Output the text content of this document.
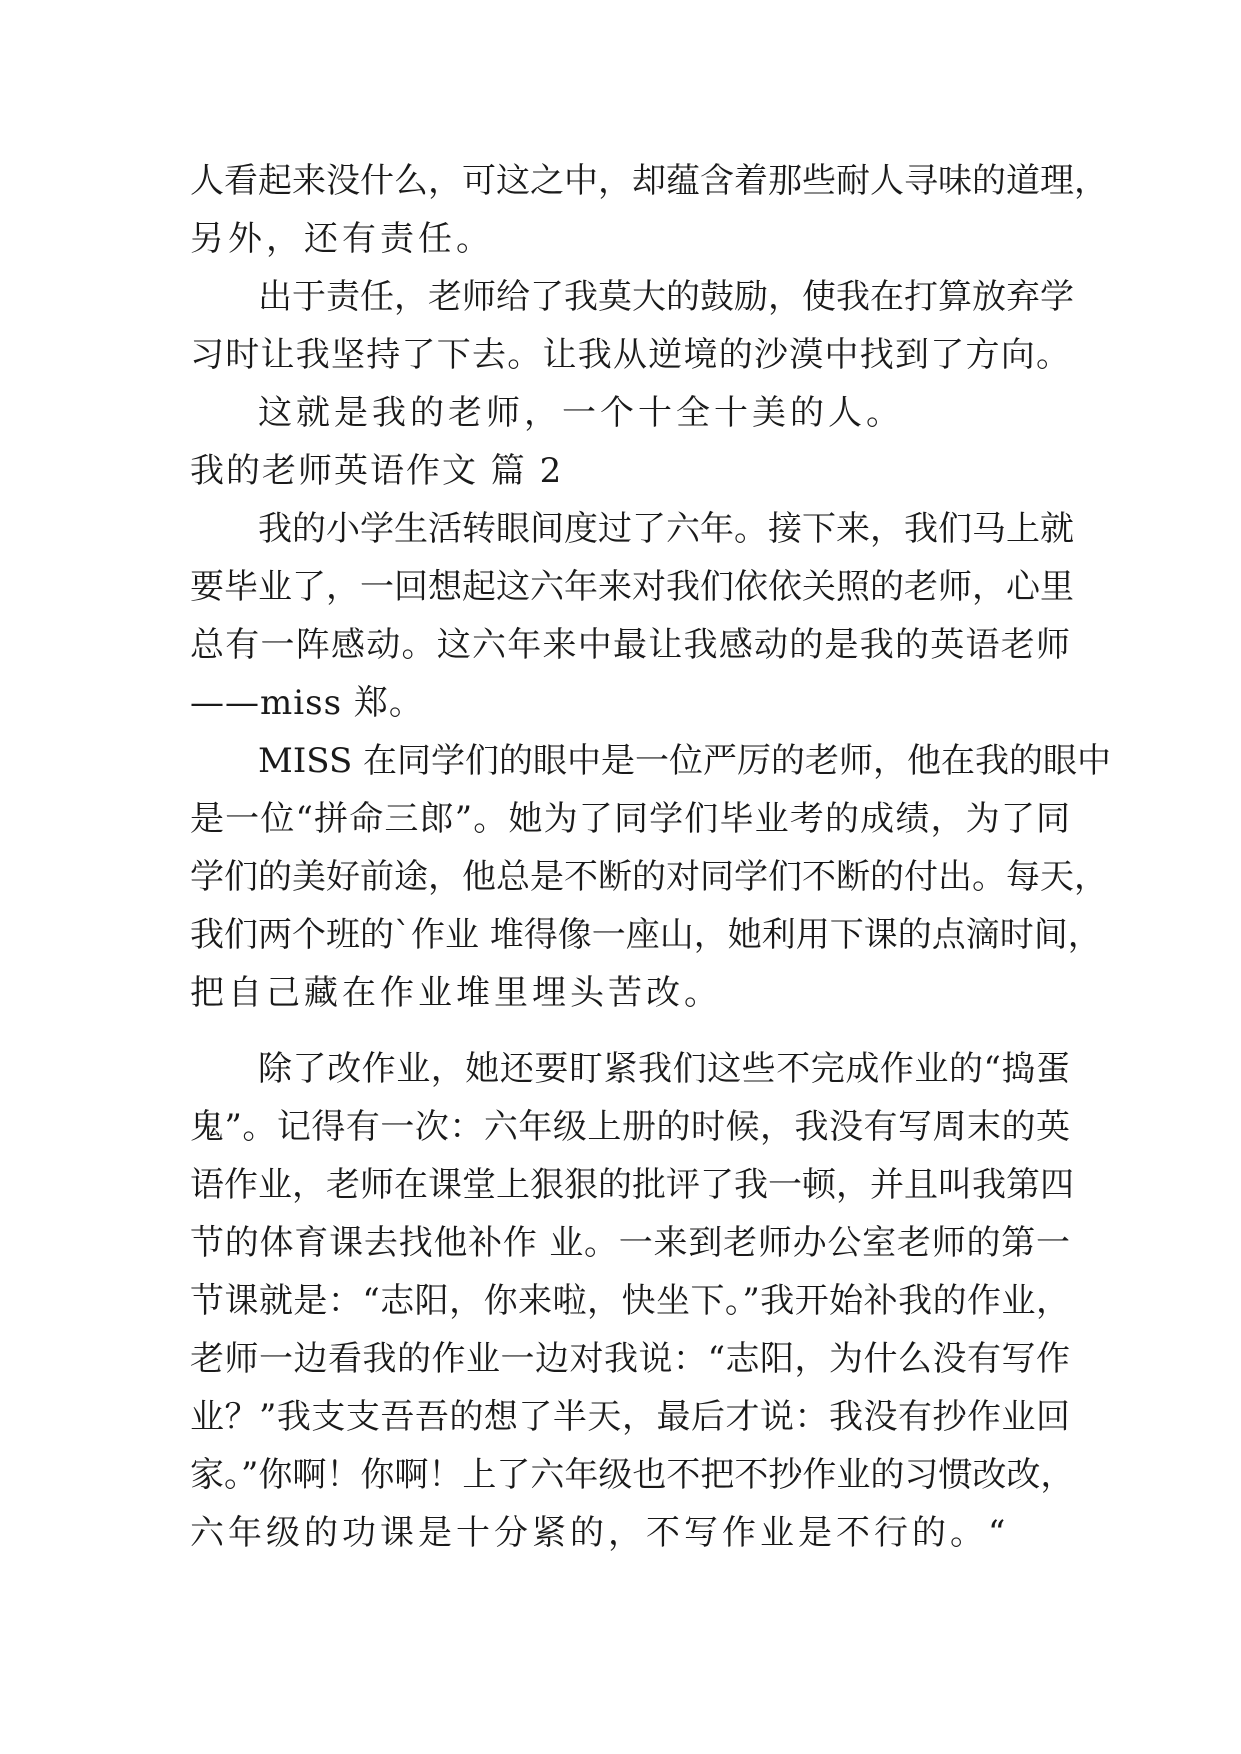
人看起来没什么，可这之中，却蕴含着那些耐人寻味的道理，
另外，还有责任。
出于责任，老师给了我莫大的鼓励，使我在打算放弃学
习时让我坚持了下去。让我从逆境的沙漠中找到了方向。
这就是我的老师，一个十全十美的人。
我的老师英语作文 篇 2
我的小学生活转眼间度过了六年。接下来，我们马上就
要毕业了，一回想起这六年来对我们依依关照的老师，心里
总有一阵感动。这六年来中最让我感动的是我的英语老师
——miss 郑。
MISS 在同学们的眼中是一位严厉的老师，他在我的眼中
是一位“拼命三郎”。她为了同学们毕业考的成绩，为了同
学们的美好前途，他总是不断的对同学们不断的付出。每天，
我们两个班的`作业 堆得像一座山，她利用下课的点滴时间，
把自己藏在作业堆里埋头苦改。
除了改作业，她还要盯紧我们这些不完成作业的“捣蛋
鬼”。记得有一次：六年级上册的时候，我没有写周末的英
语作业，老师在课堂上狠狠的批评了我一顿，并且叫我第四
节的体育课去找他补作 业。一来到老师办公室老师的第一
节课就是：“志阳，你来啦，快坐下。”我开始补我的作业，
老师一边看我的作业一边对我说：“志阳，为什么没有写作
业？”我支支吾吾的想了半天，最后才说：我没有抄作业回
家。”你啊！你啊！上了六年级也不把不抄作业的习惯改改，
六年级的功课是十分紧的，不写作业是不行的。“
